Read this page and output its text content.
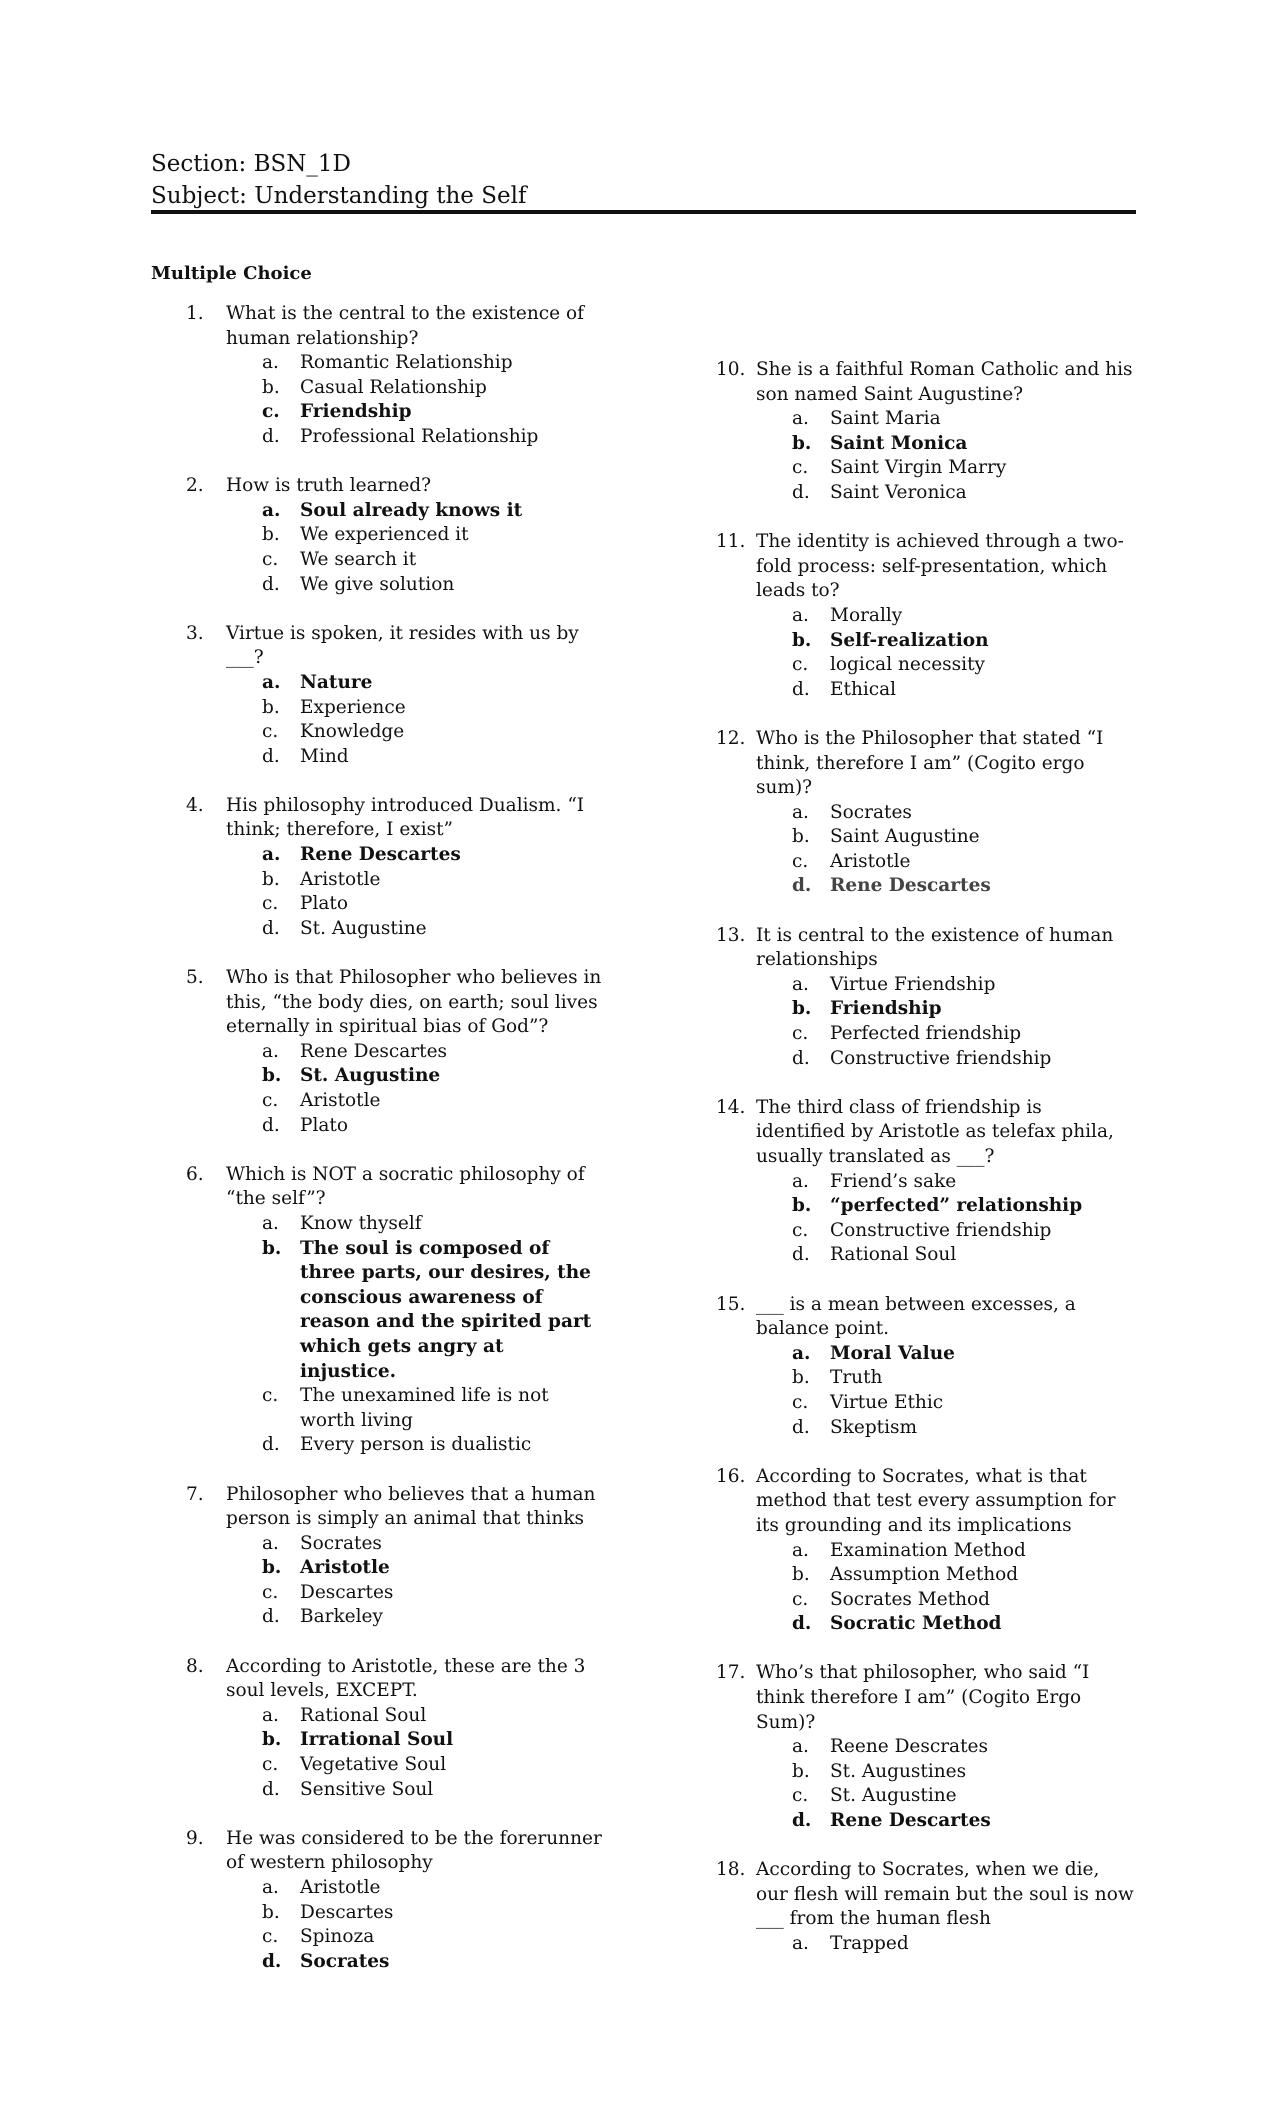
Section: BSN_1D
Subject: Understanding the Self
Multiple Choice
1.	What is the central to the existence of human relationship?
a. Romantic Relationship
b. Casual Relationship
c. Friendship
d. Professional Relationship
2.	How is truth learned?
a. Soul already knows it
b. We experienced it
c. We search it
d. We give solution
3.	Virtue is spoken, it resides with us by ___?
a. Nature
b. Experience
c. Knowledge
d. Mind
4.	His philosophy introduced Dualism. “I think; therefore, I exist”
a. Rene Descartes
b. Aristotle
c. Plato
d. St. Augustine
5.	Who is that Philosopher who believes in this, “the body dies, on earth; soul lives eternally in spiritual bias of God”?
a. Rene Descartes
b. St. Augustine
c. Aristotle
d. Plato
6.	Which is NOT a socratic philosophy of “the self”?
a. Know thyself
b. The soul is composed of three parts, our desires, the conscious awareness of reason and the spirited part which gets angry at injustice.
c. The unexamined life is not worth living
d. Every person is dualistic
7.	Philosopher who believes that a human person is simply an animal that thinks
a. Socrates
b. Aristotle
c. Descartes
d. Barkeley
8.	According to Aristotle, these are the 3 soul levels, EXCEPT.
a. Rational Soul
b. Irrational Soul
c. Vegetative Soul
d. Sensitive Soul
9.	He was considered to be the forerunner of western philosophy
a. Aristotle
b. Descartes
c. Spinoza
d. Socrates
10. She is a faithful Roman Catholic and his son named Saint Augustine?
a. Saint Maria
b. Saint Monica
c. Saint Virgin Marry
d. Saint Veronica
11. The identity is achieved through a two-fold process: self-presentation, which leads to?
a. Morally
b. Self-realization
c. logical necessity
d. Ethical
12. Who is the Philosopher that stated “I think, therefore I am” (Cogito ergo sum)?
a. Socrates
b. Saint Augustine
c. Aristotle
d. Rene Descartes
13. It is central to the existence of human relationships
a. Virtue Friendship
b. Friendship
c. Perfected friendship
d. Constructive friendship
14. The third class of friendship is identified by Aristotle as telefax phila, usually translated as ___?
a. Friend’s sake
b. “perfected” relationship
c. Constructive friendship
d. Rational Soul
15. ___ is a mean between excesses, a balance point.
a. Moral Value
b. Truth
c. Virtue Ethic
d. Skeptism
16. According to Socrates, what is that method that test every assumption for its grounding and its implications
a. Examination Method
b. Assumption Method
c. Socrates Method
d. Socratic Method
17. Who’s that philosopher, who said “I think therefore I am” (Cogito Ergo Sum)?
a. Reene Descrates
b. St. Augustines
c. St. Augustine
d. Rene Descartes
18. According to Socrates, when we die, our flesh will remain but the soul is now ___ from the human flesh
a. Trapped
